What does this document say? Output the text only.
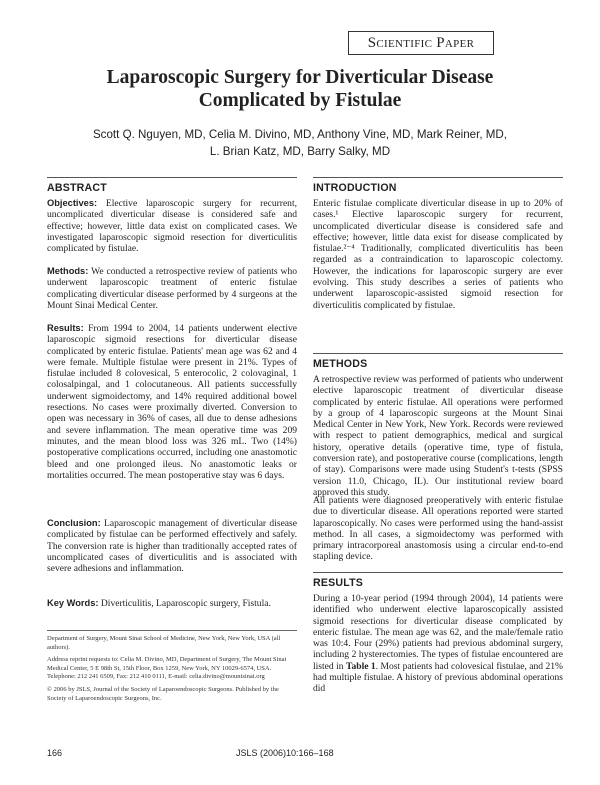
Scientific Paper
Laparoscopic Surgery for Diverticular Disease
Complicated by Fistulae
Scott Q. Nguyen, MD, Celia M. Divino, MD, Anthony Vine, MD, Mark Reiner, MD,
L. Brian Katz, MD, Barry Salky, MD
ABSTRACT

Objectives: Elective laparoscopic surgery for recurrent, uncomplicated diverticular disease is considered safe and effective; however, little data exist on complicated cases. We investigated laparoscopic sigmoid resection for diverticulitis complicated by fistulae.

Methods: We conducted a retrospective review of patients who underwent laparoscopic treatment of enteric fistulae complicating diverticular disease performed by 4 surgeons at the Mount Sinai Medical Center.

Results: From 1994 to 2004, 14 patients underwent elective laparoscopic sigmoid resections for diverticular disease complicated by enteric fistulae. Patients' mean age was 62 and 4 were female. Multiple fistulae were present in 21%. Types of fistulae included 8 colovesical, 5 enterocolic, 2 colovaginal, 1 colosalpingal, and 1 colocutaneous. All patients successfully underwent sigmoidectomy, and 14% required additional bowel resections. No cases were proximally diverted. Conversion to open was necessary in 36% of cases, all due to dense adhesions and severe inflammation. The mean operative time was 209 minutes, and the mean blood loss was 326 mL. Two (14%) postoperative complications occurred, including one anastomotic bleed and one prolonged ileus. No anastomotic leaks or mortalities occurred. The mean postoperative stay was 6 days.

Conclusion: Laparoscopic management of diverticular disease complicated by fistulae can be performed effectively and safely. The conversion rate is higher than traditionally accepted rates of uncomplicated cases of diverticulitis and is associated with severe adhesions and inflammation.

Key Words: Diverticulitis, Laparoscopic surgery, Fistula.

Department of Surgery, Mount Sinai School of Medicine, New York, New York, USA (all authors).

Address reprint requests to: Celia M. Divino, MD, Department of Surgery, The Mount Sinai Medical Center, 5 E 98th St, 15th Floor, Box 1259, New York, NY 10029-6574, USA. Telephone: 212 241 6509, Fax: 212 410 0111, E-mail: celia.divino@mountsinai.org

© 2006 by JSLS, Journal of the Society of Laparoendoscopic Surgeons. Published by the Society of Laparoendoscopic Surgeons, Inc.

INTRODUCTION

Enteric fistulae complicate diverticular disease in up to 20% of cases.¹ Elective laparoscopic surgery for recurrent, uncomplicated diverticular disease is considered safe and effective; however, little data exist for disease complicated by fistulae.²⁻⁴ Traditionally, complicated diverticulitis has been regarded as a contraindication to laparoscopic colectomy. However, the indications for laparoscopic surgery are ever evolving. This study describes a series of patients who underwent laparoscopic-assisted sigmoid resection for diverticulitis complicated by fistulae.

METHODS

A retrospective review was performed of patients who underwent elective laparoscopic treatment of diverticular disease complicated by enteric fistulae. All operations were performed by a group of 4 laparoscopic surgeons at the Mount Sinai Medical Center in New York, New York. Records were reviewed with respect to patient demographics, medical and surgical history, operative details (operative time, type of fistula, conversion rate), and postoperative course (complications, length of stay). Comparisons were made using Student's t-tests (SPSS version 11.0, Chicago, IL). Our institutional review board approved this study.

All patients were diagnosed preoperatively with enteric fistulae due to diverticular disease. All operations reported were started laparoscopically. No cases were performed using the hand-assist method. In all cases, a sigmoidectomy was performed with primary intracorporeal anastomosis using a circular end-to-end stapling device.

RESULTS

During a 10-year period (1994 through 2004), 14 patients were identified who underwent elective laparoscopically assisted sigmoid resections for diverticular disease complicated by enteric fistulae. The mean age was 62, and the male/female ratio was 10:4. Four (29%) patients had previous abdominal surgery, including 2 hysterectomies. The types of fistulae encountered are listed in Table 1. Most patients had colovesical fistulae, and 21% had multiple fistulae. A history of previous abdominal operations did

166	JSLS (2006)10:166–168
